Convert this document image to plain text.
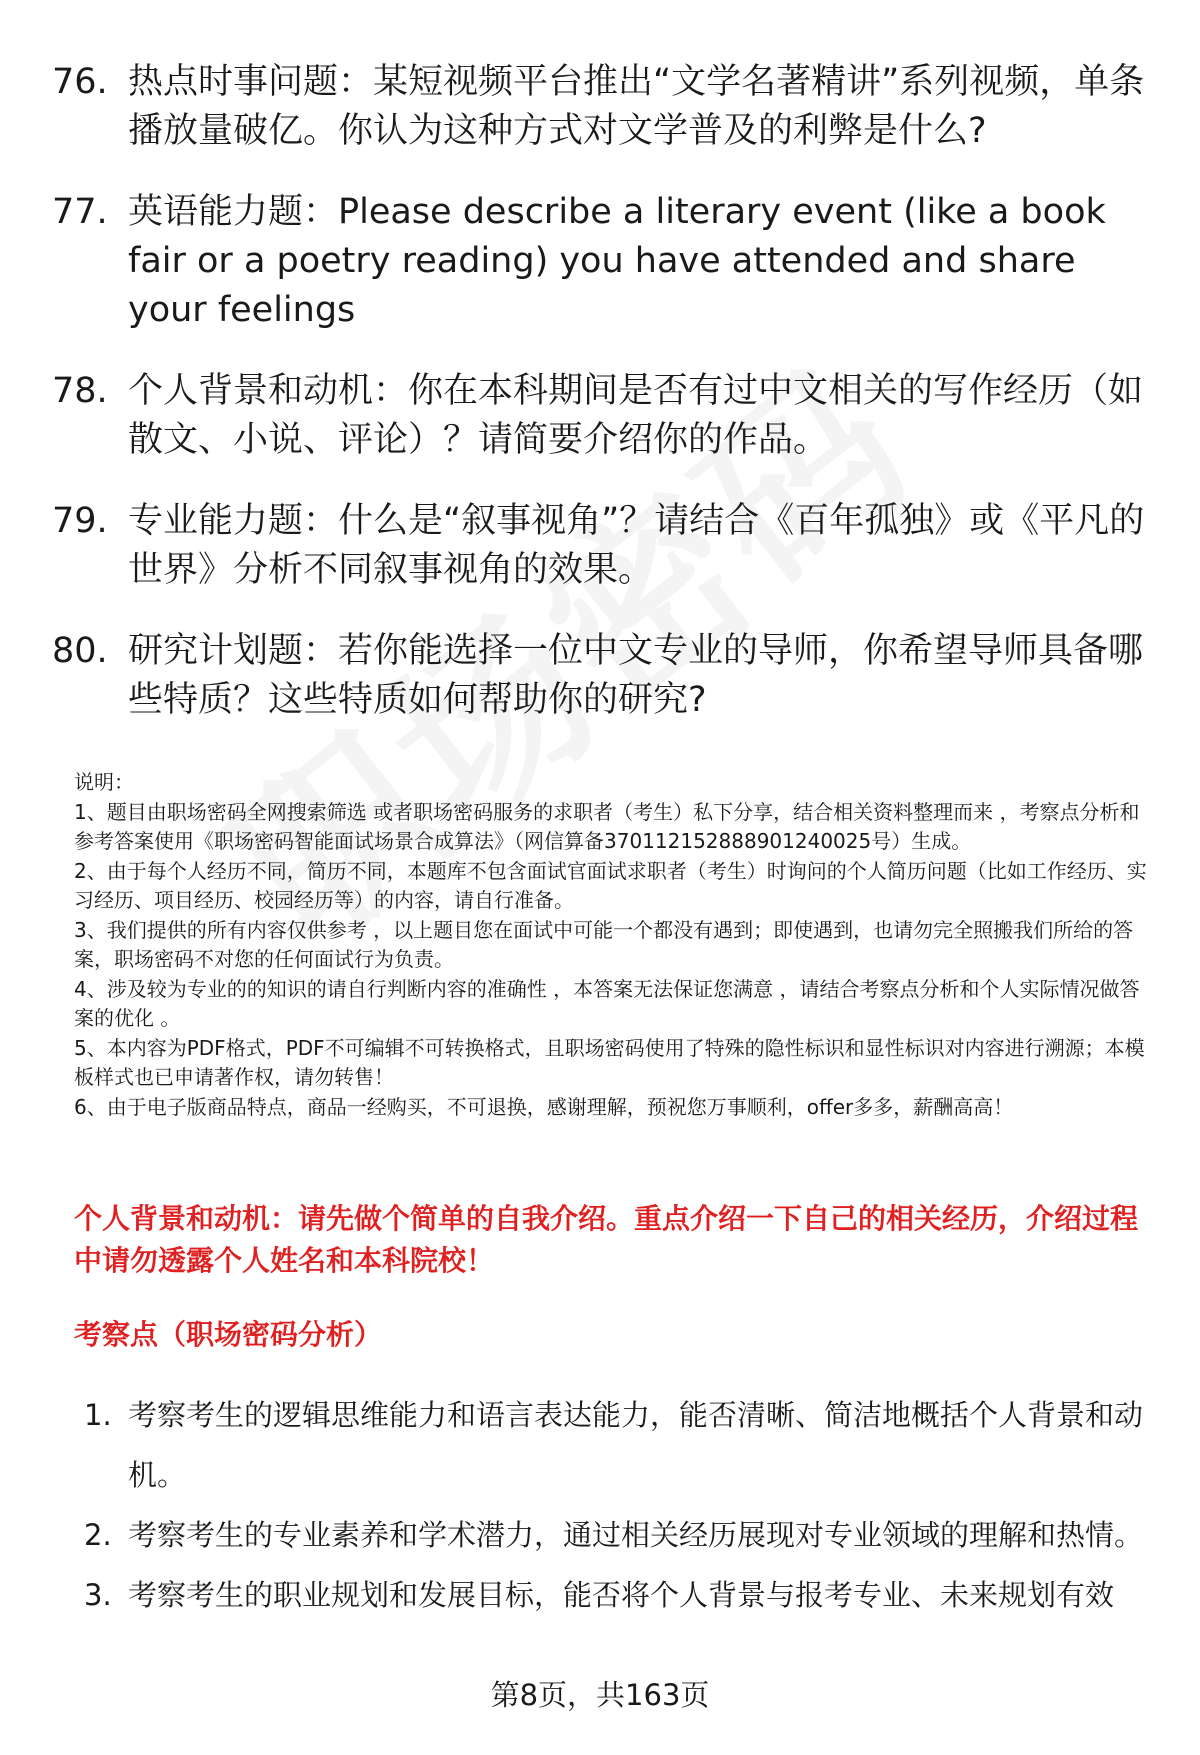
76. 热点时事问题：某短视频平台推出“文学名著精讲”系列视频，单条播放量破亿。你认为这种方式对文学普及的利弊是什么?
77. 英语能力题：Please describe a literary event (like a book fair or a poetry reading) you have attended and share your feelings
78. 个人背景和动机：你在本科期间是否有过中文相关的写作经历（如散文、小说、评论）？请简要介绍你的作品。
79. 专业能力题：什么是“叙事视角”？请结合《百年孤独》或《平凡的世界》分析不同叙事视角的效果。
80. 研究计划题：若你能选择一位中文专业的导师，你希望导师具备哪些特质？这些特质如何帮助你的研究?

说明：

1、题目由职场密码全网搜索筛选 或者职场密码服务的求职者（考生）私下分享，结合相关资料整理而来 ，考察点分析和参考答案使用《职场密码智能面试场景合成算法》（网信算备370112152888901240025号）生成。

2、由于每个人经历不同，简历不同，本题库不包含面试官面试求职者（考生）时询问的个人简历问题（比如工作经历、实习经历、项目经历、校园经历等）的内容，请自行准备。

3、我们提供的所有内容仅供参考 ，以上题目您在面试中可能一个都没有遇到；即使遇到，也请勿完全照搬我们所给的答案，职场密码不对您的任何面试行为负责。

4、涉及较为专业的的知识的请自行判断内容的准确性 ，本答案无法保证您满意 ，请结合考察点分析和个人实际情况做答案的优化 。

5、本内容为PDF格式，PDF不可编辑不可转换格式，且职场密码使用了特殊的隐性标识和显性标识对内容进行溯源；本模板样式也已申请著作权，请勿转售！

6、由于电子版商品特点，商品一经购买，不可退换，感谢理解，预祝您万事顺利，offer多多，薪酬高高！

个人背景和动机：请先做个简单的自我介绍。重点介绍一下自己的相关经历，介绍过程中请勿透露个人姓名和本科院校！
考察点（职场密码分析）
1. 考察考生的逻辑思维能力和语言表达能力，能否清晰、简洁地概括个人背景和动机。
2. 考察考生的专业素养和学术潜力，通过相关经历展现对专业领域的理解和热情。
3. 考察考生的职业规划和发展目标，能否将个人背景与报考专业、未来规划有效
第8页，共163页
